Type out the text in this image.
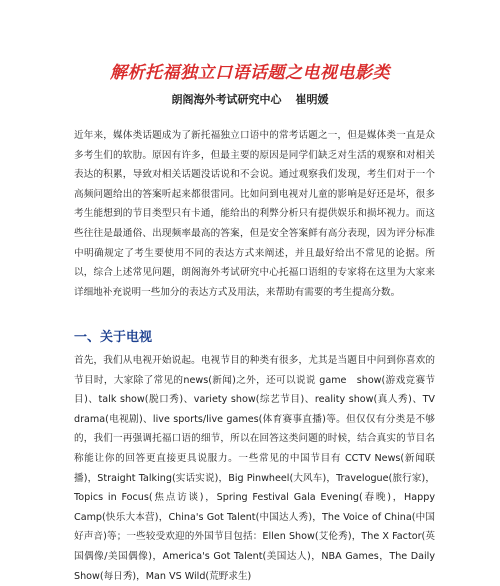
解析托福独立口语话题之电视电影类
朗阁海外考试研究中心 崔明媛

近年来，媒体类话题成为了新托福独立口语中的常考话题之一，但是媒体类一直是众多考生们的软肋。原因有许多，但最主要的原因是同学们缺乏对生活的观察和对相关表达的积累，导致对相关话题没话说和不会说。通过观察我们发现，考生们对于一个高频问题给出的答案听起来都很雷同。比如问到电视对儿童的影响是好还是坏，很多考生能想到的节目类型只有卡通，能给出的利弊分析只有提供娱乐和损坏视力。而这些往往是最通俗、出现频率最高的答案，但是安全答案鲜有高分表现，因为评分标准中明确规定了考生要使用不同的表达方式来阐述，并且最好给出不常见的论据。所以，综合上述常见问题，朗阁海外考试研究中心托福口语组的专家将在这里为大家来详细地补充说明一些加分的表达方式及用法，来帮助有需要的考生提高分数。

一、关于电视

首先，我们从电视开始说起。电视节目的种类有很多，尤其是当题目中问到你喜欢的节目时，大家除了常见的news(新闻)之外，还可以说说 game　show(游戏竞赛节目)、talk show(脱口秀)、variety show(综艺节目)、reality show(真人秀)、TV drama(电视剧)、live sports/live games(体育赛事直播)等。但仅仅有分类是不够的，我们一再强调托福口语的细节，所以在回答这类问题的时候，结合真实的节目名称能让你的回答更直接更具说服力。一些常见的中国节目有 CCTV News(新闻联播)，Straight Talking(实话实说)，Big Pinwheel(大风车)，Travelogue(旅行家)，Topics in Focus(焦点访谈)，Spring Festival Gala Evening(春晚)，Happy Camp(快乐大本营)，China's Got Talent(中国达人秀)，The Voice of China(中国好声音)等；一些较受欢迎的外国节目包括：Ellen Show(艾伦秀)，The X Factor(英国偶像/美国偶像)，America's Got Talent(美国达人)，NBA Games，The Daily Show(每日秀)，Man VS Wild(荒野求生)
